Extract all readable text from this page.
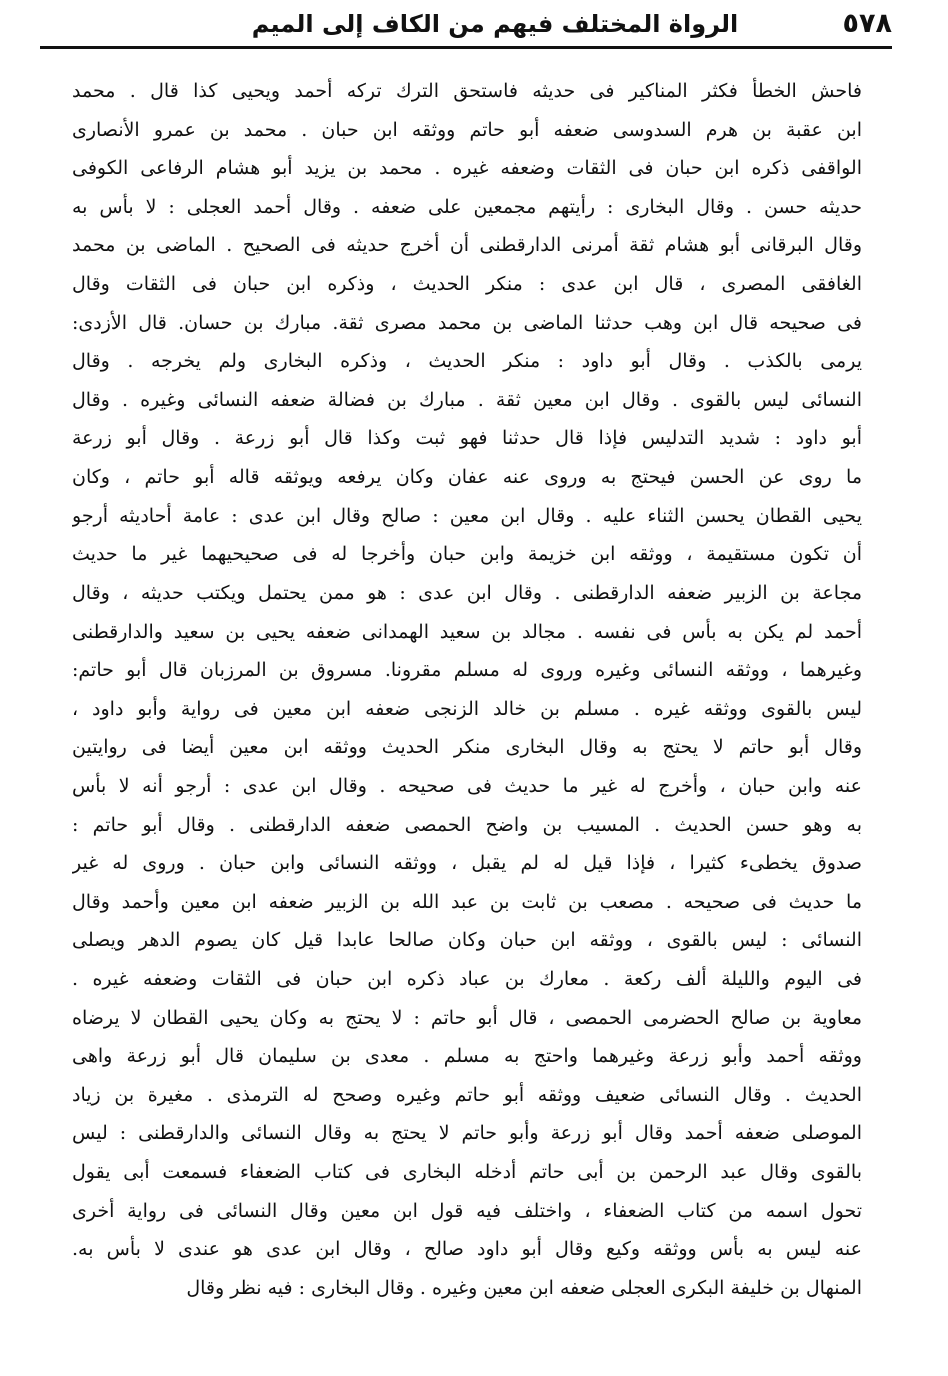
٥٧٨
الرواة المختلف فيهم من الكاف إلى الميم
فاحش الخطأ فكثر المناكير فى حديثه فاستحق الترك تركه أحمد ويحيى كذا قال . محمد
ابن عقبة بن هرم السدوسى ضعفه أبو حاتم ووثقه ابن حبان . محمد بن عمرو الأنصارى
الواقفى ذكره ابن حبان فى الثقات وضعفه غيره . محمد بن يزيد أبو هشام الرفاعى الكوفى
حديثه حسن . وقال البخارى : رأيتهم مجمعين على ضعفه . وقال أحمد العجلى : لا بأس به
وقال البرقانى أبو هشام ثقة أمرنى الدارقطنى أن أخرج حديثه فى الصحيح . الماضى بن محمد
الغافقى المصرى ، قال ابن عدى : منكر الحديث ، وذكره ابن حبان فى الثقات وقال
فى صحيحه قال ابن وهب حدثنا الماضى بن محمد مصرى ثقة. مبارك بن حسان. قال الأزدى:
يرمى بالكذب . وقال أبو داود : منكر الحديث ، وذكره البخارى ولم يخرجه . وقال
النسائى ليس بالقوى . وقال ابن معين ثقة . مبارك بن فضالة ضعفه النسائى وغيره . وقال
أبو داود : شديد التدليس فإذا قال حدثنا فهو ثبت وكذا قال أبو زرعة . وقال أبو زرعة
ما روى عن الحسن فيحتج به وروى عنه عفان وكان يرفعه ويوثقه قاله أبو حاتم ، وكان
يحيى القطان يحسن الثناء عليه . وقال ابن معين : صالح وقال ابن عدى : عامة أحاديثه أرجو
أن تكون مستقيمة ، ووثقه ابن خزيمة وابن حبان وأخرجا له فى صحيحيهما غير ما حديث
مجاعة بن الزبير ضعفه الدارقطنى . وقال ابن عدى : هو ممن يحتمل ويكتب حديثه ، وقال
أحمد لم يكن به بأس فى نفسه . مجالد بن سعيد الهمدانى ضعفه يحيى بن سعيد والدارقطنى
وغيرهما ، ووثقه النسائى وغيره وروى له مسلم مقرونا. مسروق بن المرزبان قال أبو حاتم:
ليس بالقوى ووثقه غيره . مسلم بن خالد الزنجى ضعفه ابن معين فى رواية وأبو داود ،
وقال أبو حاتم لا يحتج به وقال البخارى منكر الحديث ووثقه ابن معين أيضا فى روايتين
عنه وابن حبان ، وأخرج له غير ما حديث فى صحيحه . وقال ابن عدى : أرجو أنه لا بأس
به وهو حسن الحديث . المسيب بن واضح الحمصى ضعفه الدارقطنى . وقال أبو حاتم :
صدوق يخطىء كثيرا ، فإذا قيل له لم يقبل ، ووثقه النسائى وابن حبان . وروى له غير
ما حديث فى صحيحه . مصعب بن ثابت بن عبد الله بن الزبير ضعفه ابن معين وأحمد وقال
النسائى : ليس بالقوى ، ووثقه ابن حبان وكان صالحا عابدا قيل كان يصوم الدهر ويصلى
فى اليوم والليلة ألف ركعة . معارك بن عباد ذكره ابن حبان فى الثقات وضعفه غيره .
معاوية بن صالح الحضرمى الحمصى ، قال أبو حاتم : لا يحتج به وكان يحيى القطان لا يرضاه
ووثقه أحمد وأبو زرعة وغيرهما واحتج به مسلم . معدى بن سليمان قال أبو زرعة واهى
الحديث . وقال النسائى ضعيف ووثقه أبو حاتم وغيره وصحح له الترمذى . مغيرة بن زياد
الموصلى ضعفه أحمد وقال أبو زرعة وأبو حاتم لا يحتج به وقال النسائى والدارقطنى : ليس
بالقوى وقال عبد الرحمن بن أبى حاتم أدخله البخارى فى كتاب الضعفاء فسمعت أبى يقول
تحول اسمه من كتاب الضعفاء ، واختلف فيه قول ابن معين وقال النسائى فى رواية أخرى
عنه ليس به بأس ووثقه وكيع وقال أبو داود صالح ، وقال ابن عدى هو عندى لا بأس به.
المنهال بن خليفة البكرى العجلى ضعفه ابن معين وغيره . وقال البخارى : فيه نظر وقال
